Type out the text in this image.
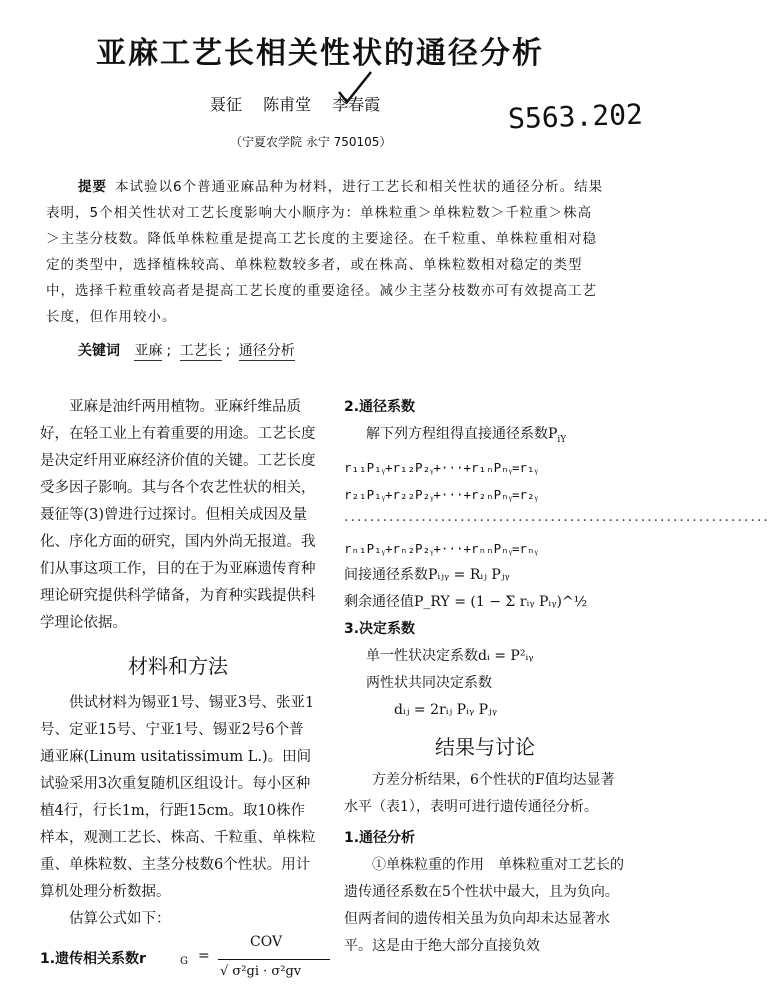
亚麻工艺长相关性状的通径分析
聂征 陈甫堂 李春霞	S563.202
（宁夏农学院 永宁 750105）
提要 本试验以6个普通亚麻品种为材料，进行工艺长和相关性状的通径分析。结果表明，5个相关性状对工艺长度影响大小顺序为：单株粒重＞单株粒数＞千粒重＞株高＞主茎分枝数。降低单株粒重是提高工艺长度的主要途径。在千粒重、单株粒重相对稳定的类型中，选择植株较高、单株粒数较多者，或在株高、单株粒数相对稳定的类型中，选择千粒重较高者是提高工艺长度的重要途径。减少主茎分枝数亦可有效提高工艺长度，但作用较小。
关键词 亚麻 ; 工艺长 ; 通径分析

亚麻是油纤两用植物。亚麻纤维品质好，在轻工业上有着重要的用途。工艺长度是决定纤用亚麻经济价值的关键。工艺长度受多因子影响。其与各个农艺性状的相关，聂征等(3)曾进行过探讨。但相关成因及量化、序化方面的研究，国内外尚无报道。我们从事这项工作，目的在于为亚麻遗传育种理论研究提供科学储备，为育种实践提供科学理论依据。

材料和方法

供试材料为锡亚1号、锡亚3号、张亚1号、定亚15号、宁亚1号、锡亚2号6个普通亚麻(Linum usitatissimum L.)。田间试验采用3次重复随机区组设计。每小区种植4行，行长1m，行距15cm。取10株作样本，观测工艺长、株高、千粒重、单株粒重、单株粒数、主茎分枝数6个性状。用计算机处理分析数据。

估算公式如下：

1.遗传相关系数r	G =
COV
√ σ²gi · σ²gv
2.通径系数

解下列方程组得直接通径系数$P_{iY}$

r₁₁P₁ᵧ+r₁₂P₂ᵧ+···+r₁ₙPₙᵧ=r₁ᵧ

r₂₁P₁ᵧ+r₂₂P₂ᵧ+···+r₂ₙPₙᵧ=r₂ᵧ

··································································

rₙ₁P₁ᵧ+rₙ₂P₂ᵧ+···+rₙₙPₙᵧ=rₙᵧ

间接通径系数Pᵢⱼᵧ = Rᵢⱼ Pⱼᵧ

剩余通径值P_RY = (1 − Σ rᵢᵧ Pᵢᵧ)^½

3.决定系数

单一性状决定系数dᵢ = P²ᵢᵧ

两性状共同决定系数

dᵢⱼ = 2rᵢⱼ Pᵢᵧ Pⱼᵧ

结果与讨论

方差分析结果，6个性状的F值均达显著水平（表1），表明可进行遗传通径分析。

1.通径分析

①单株粒重的作用　单株粒重对工艺长的遗传通径系数在5个性状中最大，且为负向。但两者间的遗传相关虽为负向却未达显著水平。这是由于绝大部分直接负效
